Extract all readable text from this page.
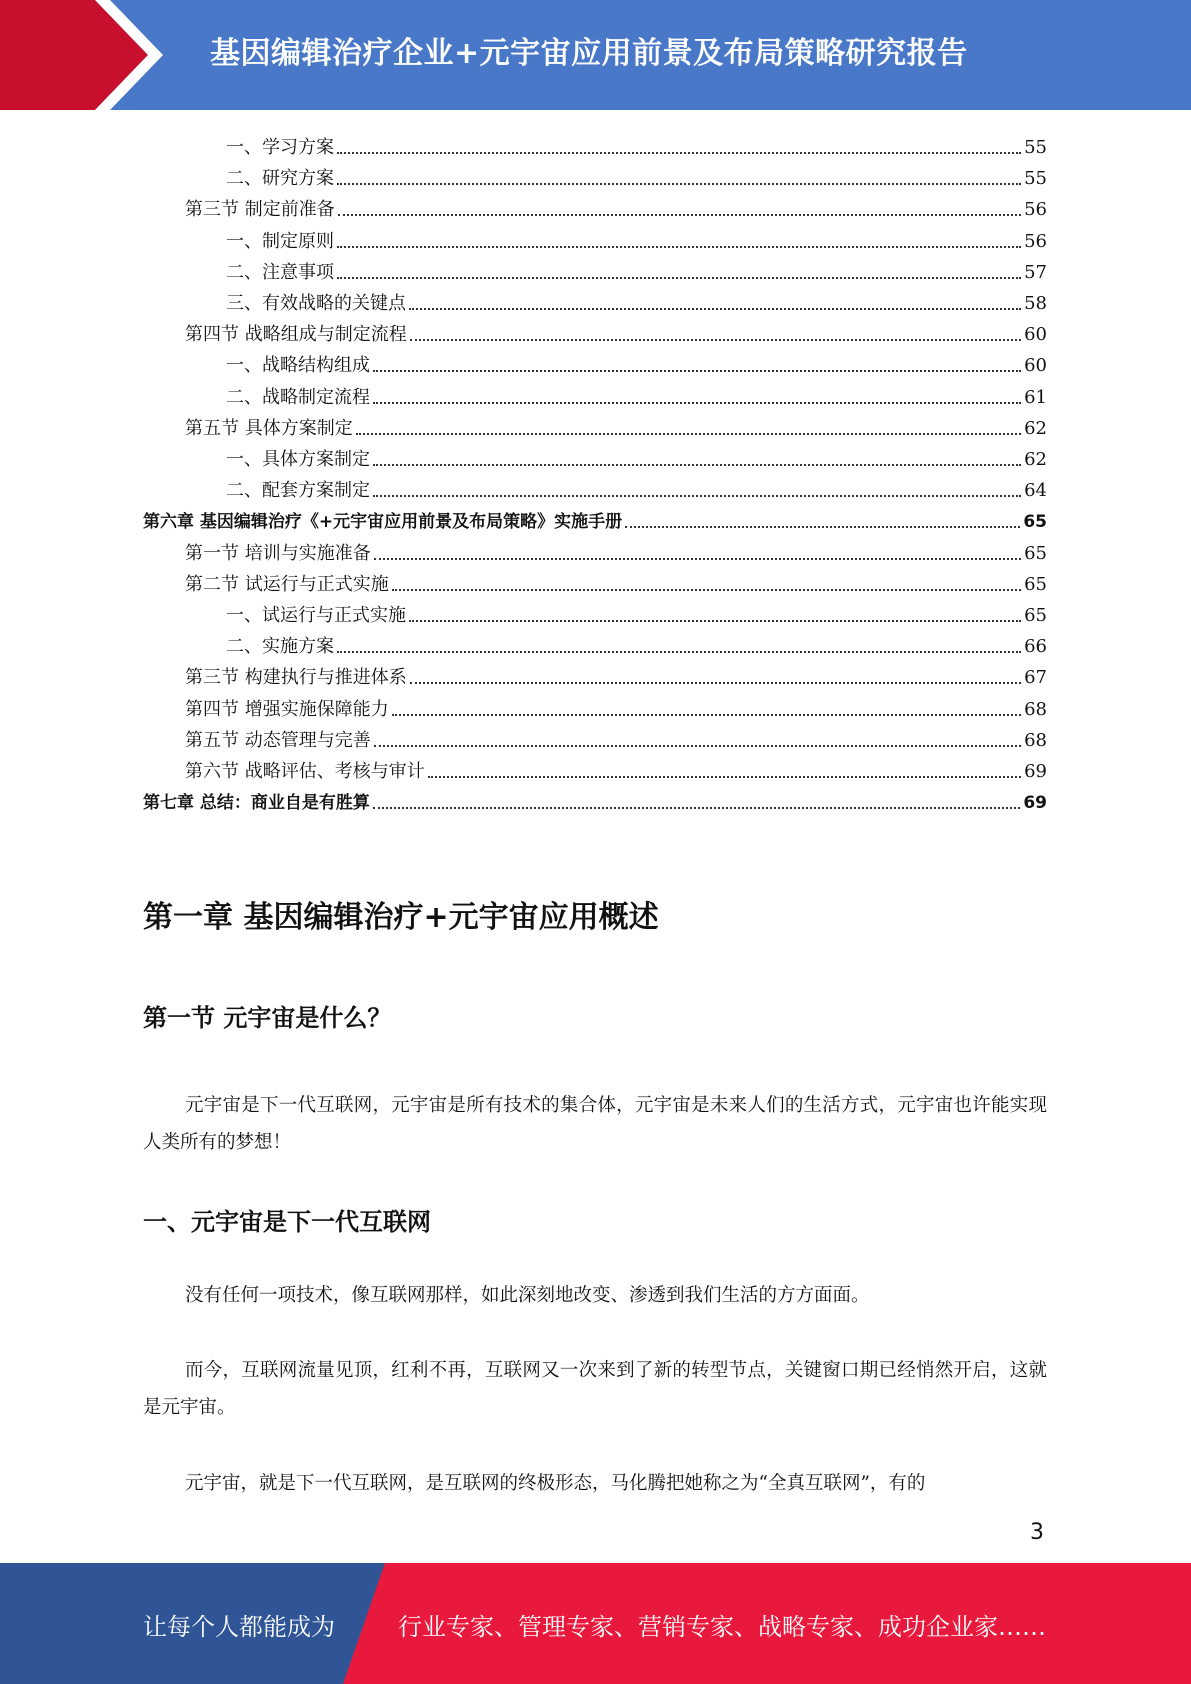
基因编辑治疗企业+元宇宙应用前景及布局策略研究报告
一、学习方案	55
二、研究方案	55
第三节 制定前准备	56
一、制定原则	56
二、注意事项	57
三、有效战略的关键点	58
第四节 战略组成与制定流程	60
一、战略结构组成	60
二、战略制定流程	61
第五节 具体方案制定	62
一、具体方案制定	62
二、配套方案制定	64
第六章 基因编辑治疗《+元宇宙应用前景及布局策略》实施手册	65
第一节 培训与实施准备	65
第二节 试运行与正式实施	65
一、试运行与正式实施	65
二、实施方案	66
第三节 构建执行与推进体系	67
第四节 增强实施保障能力	68
第五节 动态管理与完善	68
第六节 战略评估、考核与审计	69
第七章 总结：商业自是有胜算	69
第一章 基因编辑治疗+元宇宙应用概述
第一节 元宇宙是什么？

元宇宙是下一代互联网，元宇宙是所有技术的集合体，元宇宙是未来人们的生活方式，元宇宙也许能实现人类所有的梦想！

一、元宇宙是下一代互联网

没有任何一项技术，像互联网那样，如此深刻地改变、渗透到我们生活的方方面面。

而今，互联网流量见顶，红利不再，互联网又一次来到了新的转型节点，关键窗口期已经悄然开启，这就是元宇宙。

元宇宙，就是下一代互联网，是互联网的终极形态，马化腾把她称之为“全真互联网”，有的

3
让每个人都能成为	行业专家、管理专家、营销专家、战略专家、成功企业家……
